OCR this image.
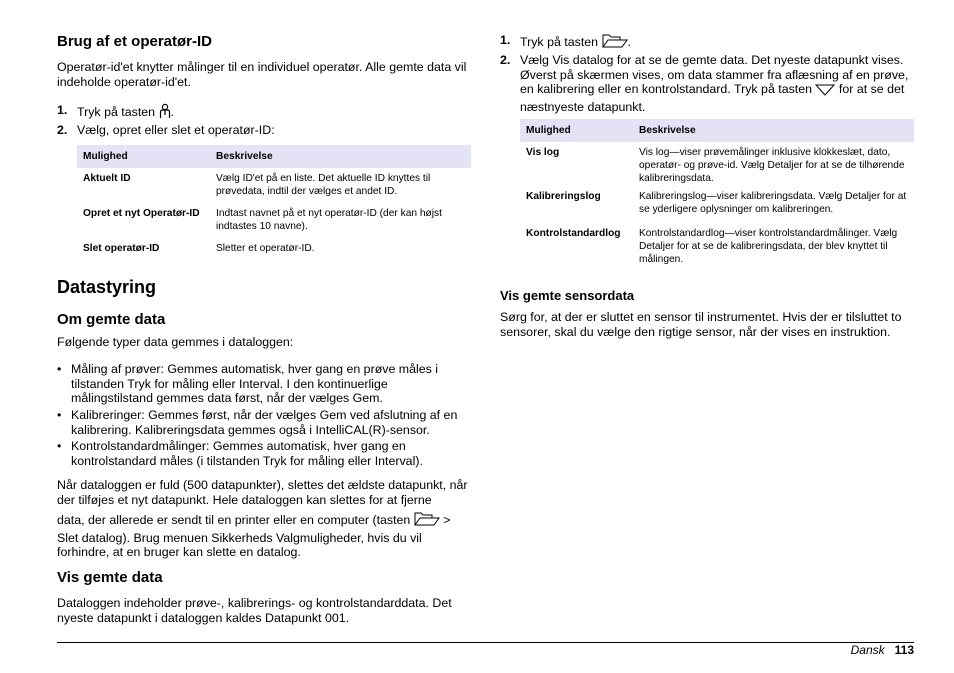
Brug af et operatør-ID

Operatør-id'et knytter målinger til en individuel operatør. Alle gemte data vil indeholde operatør-id'et.

1. Tryk på tasten .
2. Vælg, opret eller slet et operatør-ID:
Mulighed	Beskrivelse
Aktuelt ID	Vælg ID'et på en liste. Det aktuelle ID knyttes til prøvedata, indtil der vælges et andet ID.
Opret et nyt Operatør-ID	Indtast navnet på et nyt operatør-ID (der kan højst indtastes 10 navne).
Slet operatør-ID	Sletter et operatør-ID.
Datastyring
Om gemte data

Følgende typer data gemmes i dataloggen:

• Måling af prøver: Gemmes automatisk, hver gang en prøve måles i tilstanden Tryk for måling eller Interval. I den kontinuerlige målingstilstand gemmes data først, når der vælges Gem.
• Kalibreringer: Gemmes først, når der vælges Gem ved afslutning af en kalibrering. Kalibreringsdata gemmes også i IntelliCAL(R)-sensor.
• Kontrolstandardmålinger: Gemmes automatisk, hver gang en kontrolstandard måles (i tilstanden Tryk for måling eller Interval).

Når dataloggen er fuld (500 datapunkter), slettes det ældste datapunkt, når der tilføjes et nyt datapunkt. Hele dataloggen kan slettes for at fjerne

data, der allerede er sendt til en printer eller en computer (tasten  > Slet datalog). Brug menuen Sikkerheds Valgmuligheder, hvis du vil forhindre, at en bruger kan slette en datalog.

Vis gemte data

Dataloggen indeholder prøve-, kalibrerings- og kontrolstandarddata. Det nyeste datapunkt i dataloggen kaldes Datapunkt 001.

1. Tryk på tasten .
2. Vælg Vis datalog for at se de gemte data. Det nyeste datapunkt vises. Øverst på skærmen vises, om data stammer fra aflæsning af en prøve, en kalibrering eller en kontrolstandard. Tryk på tasten  for at se det næstnyeste datapunkt.
Mulighed	Beskrivelse
Vis log	Vis log—viser prøvemålinger inklusive klokkeslæt, dato, operatør- og prøve-id. Vælg Detaljer for at se de tilhørende kalibreringsdata.
Kalibreringslog	Kalibreringslog—viser kalibreringsdata. Vælg Detaljer for at se yderligere oplysninger om kalibreringen.
Kontrolstandardlog	Kontrolstandardlog—viser kontrolstandardmålinger. Vælg Detaljer for at se de kalibreringsdata, der blev knyttet til målingen.
Vis gemte sensordata

Sørg for, at der er sluttet en sensor til instrumentet. Hvis der er tilsluttet to sensorer, skal du vælge den rigtige sensor, når der vises en instruktion.

Dansk 113
